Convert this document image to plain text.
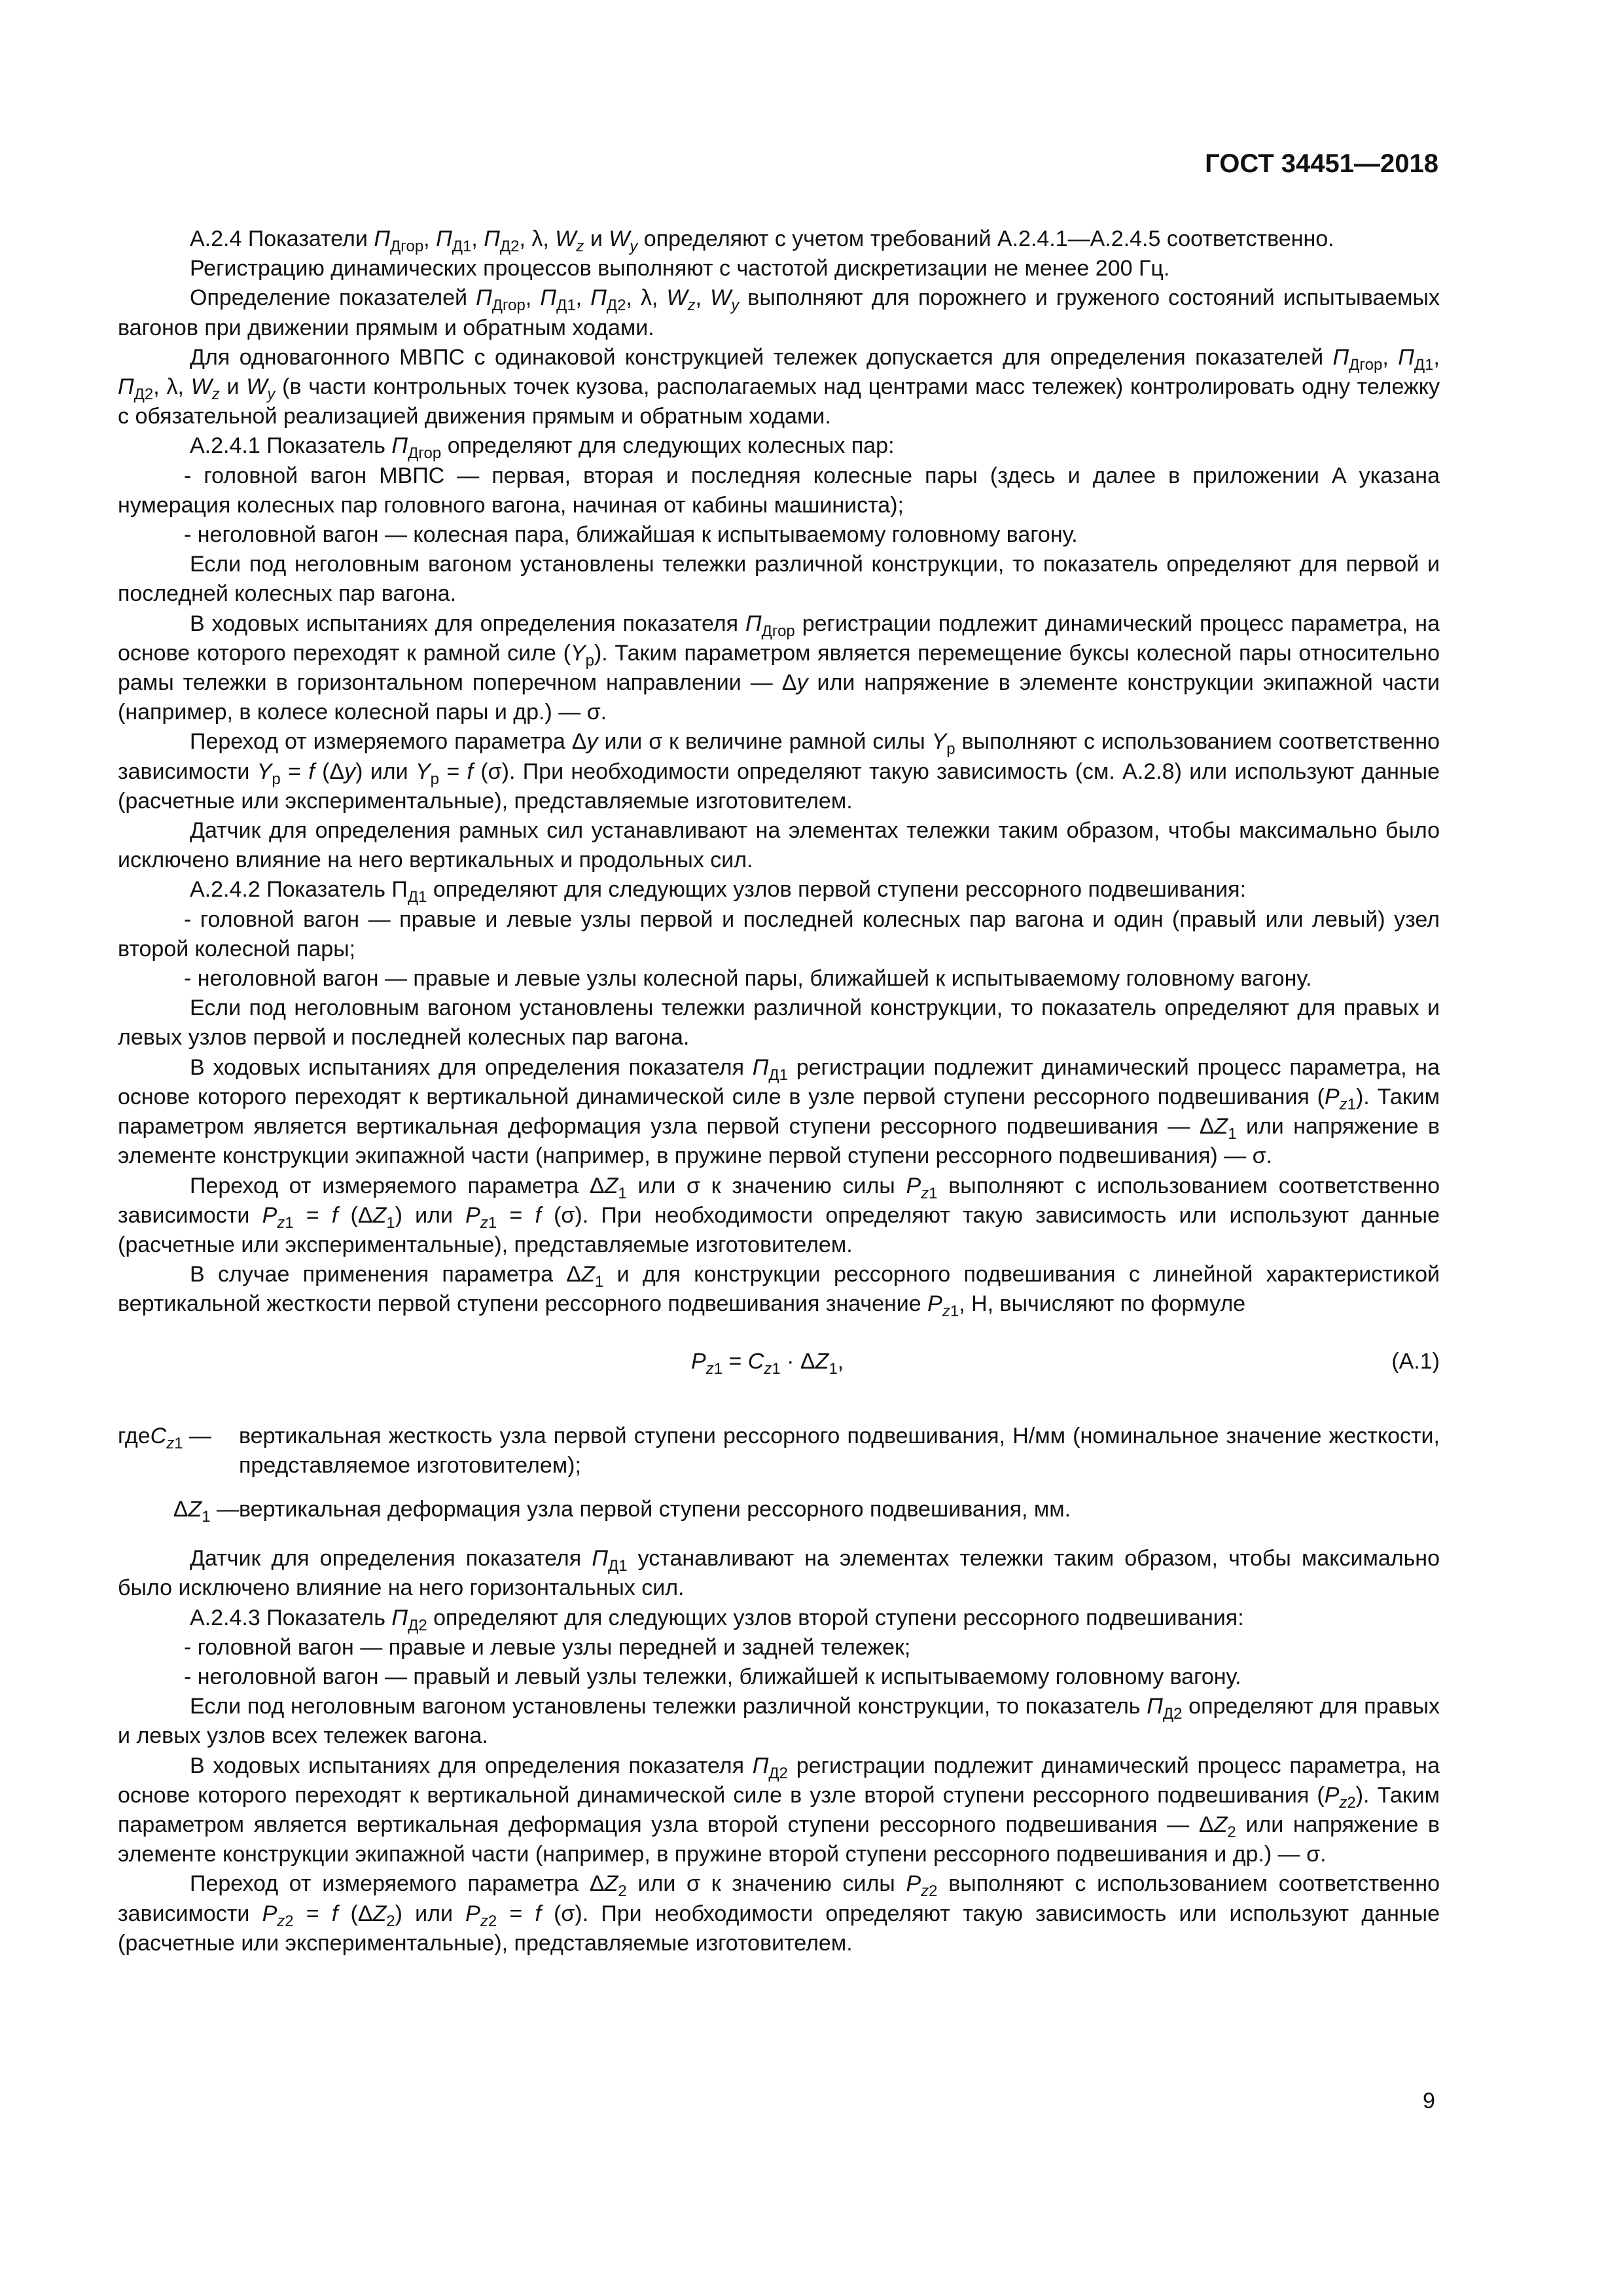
ГОСТ 34451—2018

А.2.4 Показатели $П_{Дгор}$, $П_{Д1}$, $П_{Д2}$, λ, $W_z$ и $W_y$ определяют с учетом требований А.2.4.1—А.2.4.5 соответственно.

Регистрацию динамических процессов выполняют с частотой дискретизации не менее 200 Гц.

Определение показателей $П_{Дгор}$, $П_{Д1}$, $П_{Д2}$, λ, $W_z$, $W_y$ выполняют для порожнего и груженого состояний испытываемых вагонов при движении прямым и обратным ходами.

Для одновагонного МВПС с одинаковой конструкцией тележек допускается для определения показателей $П_{Дгор}$, $П_{Д1}$, $П_{Д2}$, λ, $W_z$ и $W_y$ (в части контрольных точек кузова, располагаемых над центрами масс тележек) контролировать одну тележку с обязательной реализацией движения прямым и обратным ходами.

А.2.4.1 Показатель $П_{Дгор}$ определяют для следующих колесных пар:

- головной вагон МВПС — первая, вторая и последняя колесные пары (здесь и далее в приложении А указана нумерация колесных пар головного вагона, начиная от кабины машиниста);

- неголовной вагон — колесная пара, ближайшая к испытываемому головному вагону.

Если под неголовным вагоном установлены тележки различной конструкции, то показатель определяют для первой и последней колесных пар вагона.

В ходовых испытаниях для определения показателя $П_{Дгор}$ регистрации подлежит динамический процесс параметра, на основе которого переходят к рамной силе $(Y_р)$. Таким параметром является перемещение буксы колесной пары относительно рамы тележки в горизонтальном поперечном направлении — Δy или напряжение в элементе конструкции экипажной части (например, в колесе колесной пары и др.) — σ.

Переход от измеряемого параметра Δy или σ к величине рамной силы $Y_р$ выполняют с использованием соответственно зависимости $Y_р = f$ (Δy) или $Y_р = f$ (σ). При необходимости определяют такую зависимость (см. А.2.8) или используют данные (расчетные или экспериментальные), представляемые изготовителем.

Датчик для определения рамных сил устанавливают на элементах тележки таким образом, чтобы максимально было исключено влияние на него вертикальных и продольных сил.

А.2.4.2 Показатель $П_{Д1}$ определяют для следующих узлов первой ступени рессорного подвешивания:

- головной вагон — правые и левые узлы первой и последней колесных пар вагона и один (правый или левый) узел второй колесной пары;

- неголовной вагон — правые и левые узлы колесной пары, ближайшей к испытываемому головному вагону.

Если под неголовным вагоном установлены тележки различной конструкции, то показатель определяют для правых и левых узлов первой и последней колесных пар вагона.

В ходовых испытаниях для определения показателя $П_{Д1}$ регистрации подлежит динамический процесс параметра, на основе которого переходят к вертикальной динамической силе в узле первой ступени рессорного подвешивания $(P_{z1})$. Таким параметром является вертикальная деформация узла первой ступени рессорного подвешивания — $\Delta Z_1$ или напряжение в элементе конструкции экипажной части (например, в пружине первой ступени рессорного подвешивания) — σ.

Переход от измеряемого параметра $\Delta Z_1$ или σ к значению силы $P_{z1}$ выполняют с использованием соответственно зависимости $P_{z1} = f$ $(\Delta Z_1)$ или $P_{z1} = f$ (σ). При необходимости определяют такую зависимость или используют данные (расчетные или экспериментальные), представляемые изготовителем.

В случае применения параметра $\Delta Z_1$ и для конструкции рессорного подвешивания с линейной характеристикой вертикальной жесткости первой ступени рессорного подвешивания значение $P_{z1}$, Н, вычисляют по формуле

$P_{z1} = C_{z1} \cdot \Delta Z_1$,	(А.1)
гдеC$_{z1}$ —	вертикальная жесткость узла первой ступени рессорного подвешивания, Н/мм (номинальное значение жесткости, представляемое изготовителем);
$\Delta Z_1$ — вертикальная деформация узла первой ступени рессорного подвешивания, мм.

Датчик для определения показателя $П_{Д1}$ устанавливают на элементах тележки таким образом, чтобы максимально было исключено влияние на него горизонтальных сил.

А.2.4.3 Показатель $П_{Д2}$ определяют для следующих узлов второй ступени рессорного подвешивания:

- головной вагон — правые и левые узлы передней и задней тележек;

- неголовной вагон — правый и левый узлы тележки, ближайшей к испытываемому головному вагону.

Если под неголовным вагоном установлены тележки различной конструкции, то показатель $П_{Д2}$ определяют для правых и левых узлов всех тележек вагона.

В ходовых испытаниях для определения показателя $П_{Д2}$ регистрации подлежит динамический процесс параметра, на основе которого переходят к вертикальной динамической силе в узле второй ступени рессорного подвешивания $(P_{z2})$. Таким параметром является вертикальная деформация узла второй ступени рессорного подвешивания — $\Delta Z_2$ или напряжение в элементе конструкции экипажной части (например, в пружине второй ступени рессорного подвешивания и др.) — σ.

Переход от измеряемого параметра $\Delta Z_2$ или σ к значению силы $P_{z2}$ выполняют с использованием соответственно зависимости $P_{z2} = f$ $(\Delta Z_2)$ или $P_{z2} = f$ (σ). При необходимости определяют такую зависимость или используют данные (расчетные или экспериментальные), представляемые изготовителем.

9
